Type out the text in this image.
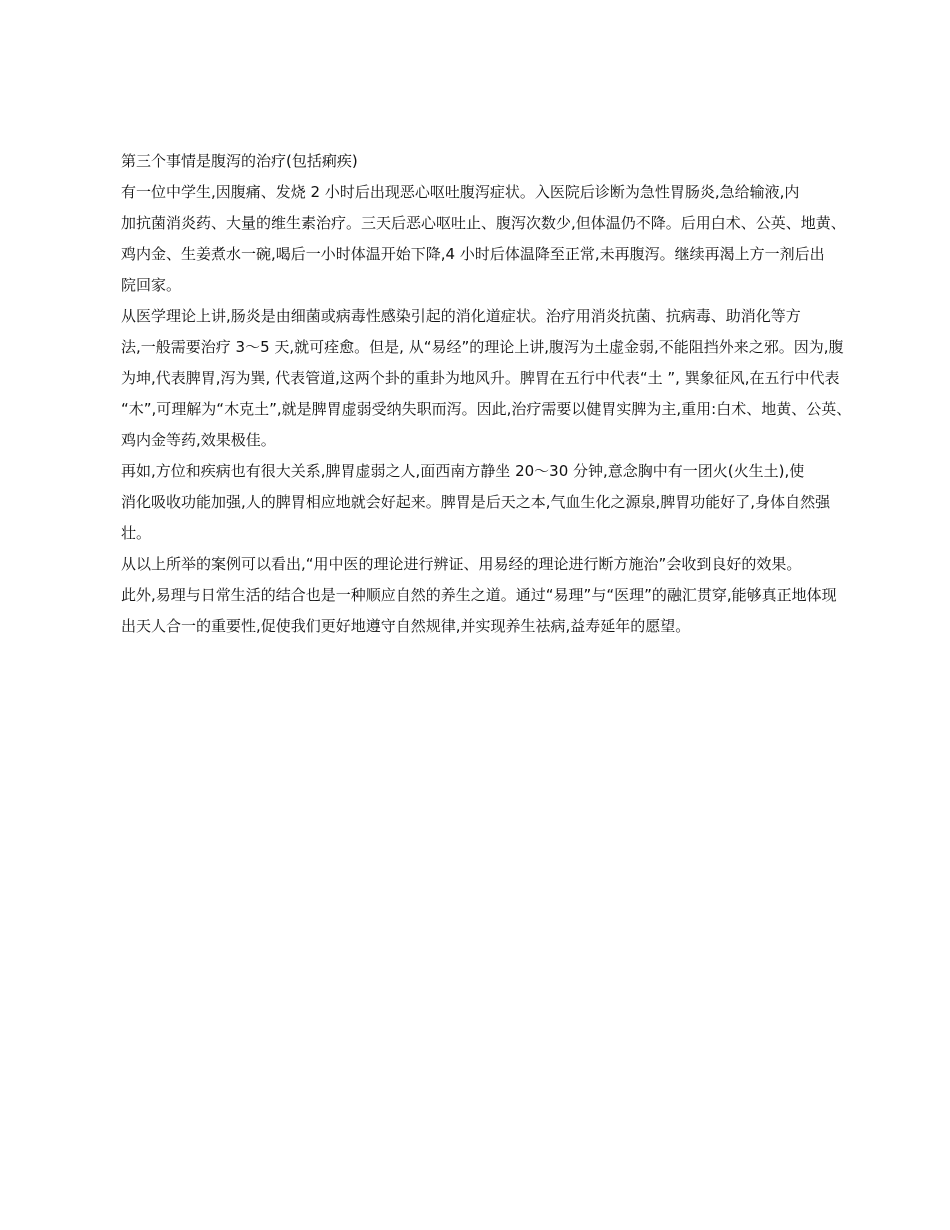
第三个事情是腹泻的治疗(包括痢疾)

有一位中学生,因腹痛、发烧 2 小时后出现恶心呕吐腹泻症状。入医院后诊断为急性胃肠炎,急给输液,内
加抗菌消炎药、大量的维生素治疗。三天后恶心呕吐止、腹泻次数少,但体温仍不降。后用白术、公英、地黄、
鸡内金、生姜煮水一碗,喝后一小时体温开始下降,4 小时后体温降至正常,未再腹泻。继续再渴上方一剂后出
院回家。

从医学理论上讲,肠炎是由细菌或病毒性感染引起的消化道症状。治疗用消炎抗菌、抗病毒、助消化等方
法,一般需要治疗 3～5 天,就可痊愈。但是, 从“易经”的理论上讲,腹泻为土虚金弱,不能阻挡外来之邪。因为,腹
为坤,代表脾胃,泻为巽, 代表管道,这两个卦的重卦为地风升。脾胃在五行中代表“土 ”, 巽象征风,在五行中代表
“木”,可理解为“木克土”,就是脾胃虚弱受纳失职而泻。因此,治疗需要以健胃实脾为主,重用:白术、地黄、公英、
鸡内金等药,效果极佳。

再如,方位和疾病也有很大关系,脾胃虚弱之人,面西南方静坐 20～30 分钟,意念胸中有一团火(火生土),使
消化吸收功能加强,人的脾胃相应地就会好起来。脾胃是后天之本,气血生化之源泉,脾胃功能好了,身体自然强
壮。

从以上所举的案例可以看出,“用中医的理论进行辨证、用易经的理论进行断方施治”会收到良好的效果。
此外,易理与日常生活的结合也是一种顺应自然的养生之道。通过“易理”与“医理”的融汇贯穿,能够真正地体现
出天人合一的重要性,促使我们更好地遵守自然规律,并实现养生祛病,益寿延年的愿望。
